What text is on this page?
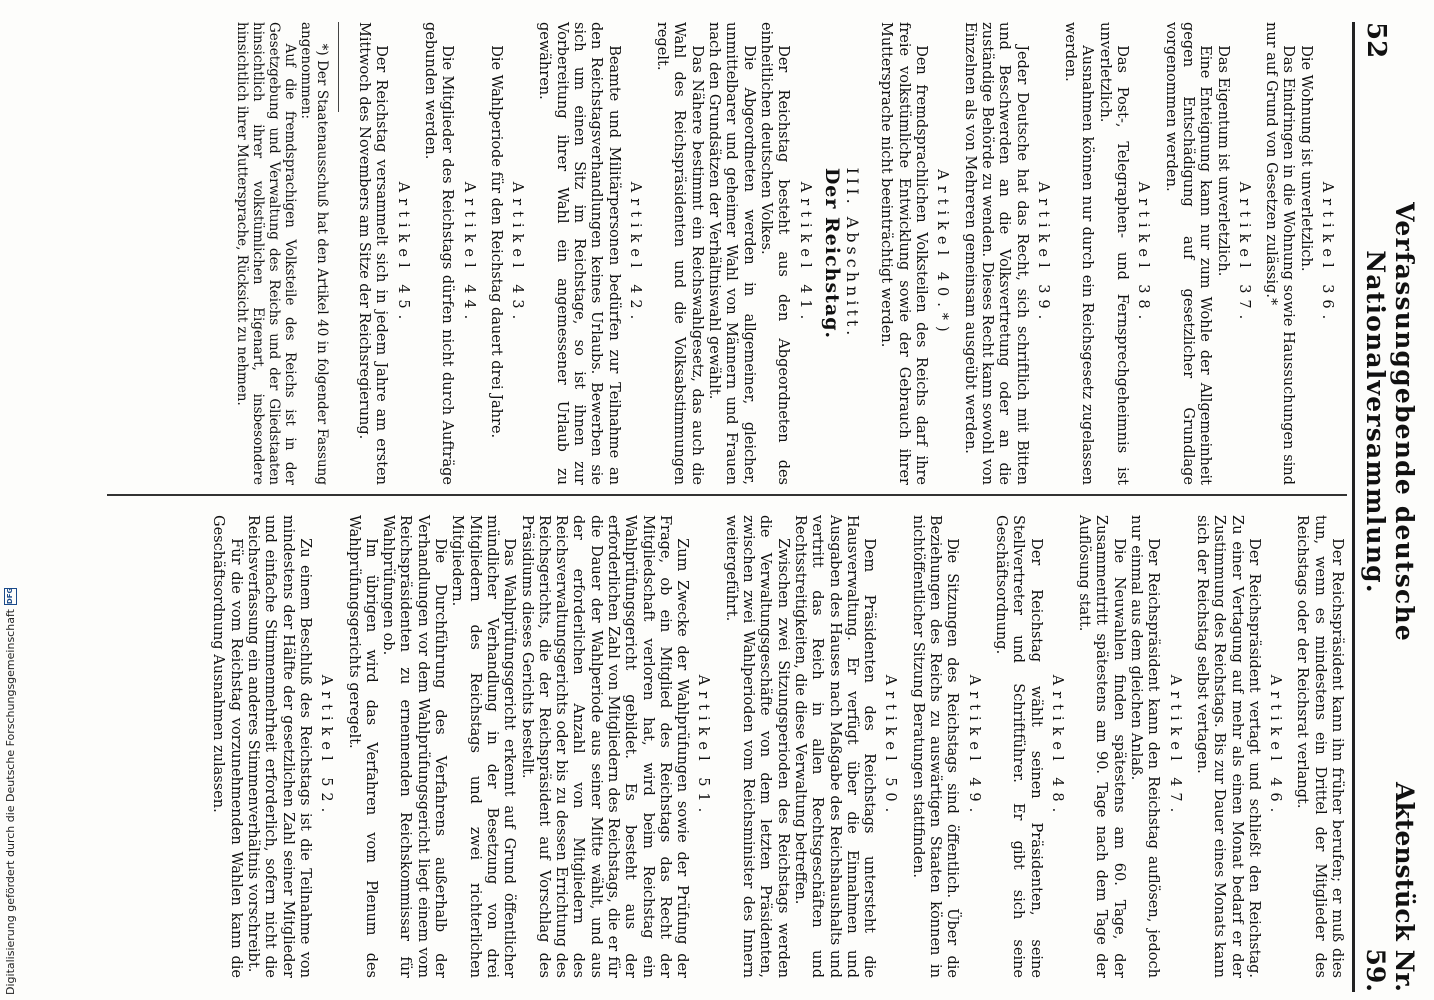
52
Verfassunggebende deutsche Nationalversammlung.
Aktenstück Nr. 59.
Artikel 36.

Die Wohnung ist unverletzlich.

Das Eindringen in die Wohnung sowie Haussuchungen sind nur auf Grund von Gesetzen zulässig.*

Artikel 37.

Das Eigentum ist unverletzlich.

Eine Enteignung kann nur zum Wohle der Allgemeinheit gegen Entschädigung auf gesetzlicher Grundlage vorgenommen werden.

Artikel 38.

Das Post-, Telegraphen- und Fernsprechgeheimnis ist unverletzlich.

Ausnahmen können nur durch ein Reichsgesetz zugelassen werden.

Artikel 39.

Jeder Deutsche hat das Recht, sich schriftlich mit Bitten und Beschwerden an die Volksvertretung oder an die zuständige Behörde zu wenden. Dieses Recht kann sowohl von Einzelnen als von Mehreren gemeinsam ausgeübt werden.

Artikel 40.*)

Den fremdsprachlichen Volksteilen des Reichs darf ihre freie volkstümliche Entwicklung sowie der Gebrauch ihrer Muttersprache nicht beeinträchtigt werden.

III. Abschnitt.
Der Reichstag.
Artikel 41.

Der Reichstag besteht aus den Abgeordneten des einheitlichen deutschen Volkes.

Die Abgeordneten werden in allgemeiner, gleicher, unmittelbarer und geheimer Wahl von Männern und Frauen nach den Grundsätzen der Verhältniswahl gewählt.

Das Nähere bestimmt ein Reichswahlgesetz, das auch die Wahl des Reichspräsidenten und die Volksabstimmungen regelt.

Artikel 42.

Beamte und Militärpersonen bedürfen zur Teilnahme an den Reichstagsverhandlungen keines Urlaubs. Bewerben sie sich um einen Sitz im Reichstage, so ist ihnen zur Vorbereitung ihrer Wahl ein angemessener Urlaub zu gewähren.

Artikel 43.

Die Wahlperiode für den Reichstag dauert drei Jahre.

Artikel 44.

Die Mitglieder des Reichstags dürfen nicht durch Aufträge gebunden werden.

Artikel 45.

Der Reichstag versammelt sich in jedem Jahre am ersten Mittwoch des Novembers am Sitze der Reichsregierung.

*) Der Staatenausschuß hat den Artikel 40 in folgender Fassung angenommen:

Auf die fremdsprachigen Volksteile des Reichs ist in der Gesetzgebung und Verwaltung des Reichs und der Gliedstaaten hinsichtlich ihrer volkstümlichen Eigenart, insbesondere hinsichtlich ihrer Muttersprache, Rücksicht zu nehmen.

Der Reichspräsident kann ihn früher berufen; er muß dies tun, wenn es mindestens ein Drittel der Mitglieder des Reichstags oder der Reichsrat verlangt.

Artikel 46.

Der Reichspräsident vertagt und schließt den Reichstag. Zu einer Vertagung auf mehr als einen Monat bedarf er der Zustimmung des Reichstags. Bis zur Dauer eines Monats kann sich der Reichstag selbst vertagen.

Artikel 47.

Der Reichspräsident kann den Reichstag auflösen, jedoch nur einmal aus dem gleichen Anlaß.

Die Neuwahlen finden spätestens am 60. Tage, der Zusammentritt spätestens am 90. Tage nach dem Tage der Auflösung statt.

Artikel 48.

Der Reichstag wählt seinen Präsidenten, seine Stellvertreter und Schriftführer. Er gibt sich seine Geschäftsordnung.

Artikel 49.

Die Sitzungen des Reichstags sind öffentlich. Über die Beziehungen des Reichs zu auswärtigen Staaten können in nichtöffentlicher Sitzung Beratungen stattfinden.

Artikel 50.

Dem Präsidenten des Reichstags untersteht die Hausverwaltung. Er verfügt über die Einnahmen und Ausgaben des Hauses nach Maßgabe des Reichshaushalts und vertritt das Reich in allen Rechtsgeschäften und Rechtsstreitigkeiten, die diese Verwaltung betreffen.

Zwischen zwei Sitzungsperioden des Reichstags werden die Verwaltungsgeschäfte von dem letzten Präsidenten, zwischen zwei Wahlperioden vom Reichsminister des Innern weitergeführt.

Artikel 51.

Zum Zwecke der Wahlprüfungen sowie der Prüfung der Frage, ob ein Mitglied des Reichstags das Recht der Mitgliedschaft verloren hat, wird beim Reichstag ein Wahlprüfungsgericht gebildet. Es besteht aus der erforderlichen Zahl von Mitgliedern des Reichstags, die er für die Dauer der Wahlperiode aus seiner Mitte wählt, und aus der erforderlichen Anzahl von Mitgliedern des Reichsverwaltungsgerichts oder bis zu dessen Errichtung des Reichsgerichts, die der Reichspräsident auf Vorschlag des Präsidiums dieses Gerichts bestellt.

Das Wahlprüfungsgericht erkennt auf Grund öffentlicher mündlicher Verhandlung in der Besetzung von drei Mitgliedern des Reichstags und zwei richterlichen Mitgliedern.

Die Durchführung des Verfahrens außerhalb der Verhandlungen vor dem Wahlprüfungsgericht liegt einem vom Reichspräsidenten zu ernennenden Reichskommissar für Wahlprüfungen ob.

Im übrigen wird das Verfahren vom Plenum des Wahlprüfungsgerichts geregelt.

Artikel 52.

Zu einem Beschluß des Reichstags ist die Teilnahme von mindestens der Hälfte der gesetzlichen Zahl seiner Mitglieder und einfache Stimmenmehrheit erforderlich, sofern nicht die Reichsverfassung ein anderes Stimmenverhältnis vorschreibt.

Für die vom Reichstag vorzunehmenden Wahlen kann die Geschäftsordnung Ausnahmen zulassen.

Digitalisierung gefördert durch die Deutsche Forschungsgemeinschaft
DFG
